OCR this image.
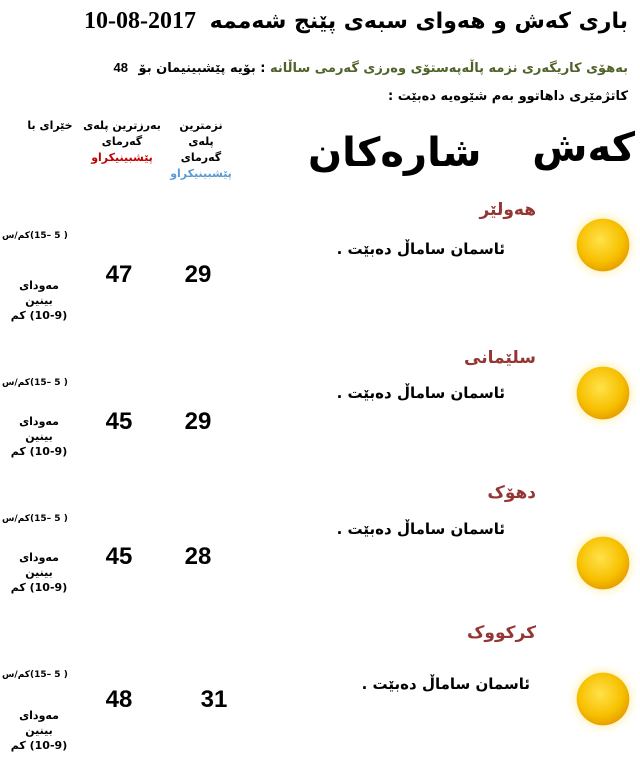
باری کەش و هەوای سبەی پێنج شەممە 2017-08-10
بەهۆی کاریگەری نزمە پاڵەپەستۆی وەرزی گەرمی ساڵانە : بۆیە پێشبینیمان بۆ 48
کاتژمێری داهاتوو بەم شێوەیە دەبێت :
کەش
شارەکان
نزمترین پلەی
گەرمای
پێشبینیکراو
بەرزترین پلەی
گەرمای
پێشبینیکراو
خێرای با
هەولێر
ئاسمان ساماڵ دەبێت .
29
47
( 5 –15)کم/س
مەودای بینین
(10-9) کم
سلێمانی
ئاسمان ساماڵ دەبێت .
29
45
( 5 –15)کم/س
مەودای بینین
(10-9) کم
دهۆک
ئاسمان ساماڵ دەبێت .
28
45
( 5 –15)کم/س
مەودای بینین
(10-9) کم
کرکووک
ئاسمان ساماڵ دەبێت .
31
48
( 5 –15)کم/س
مەودای بینین
(10-9) کم
